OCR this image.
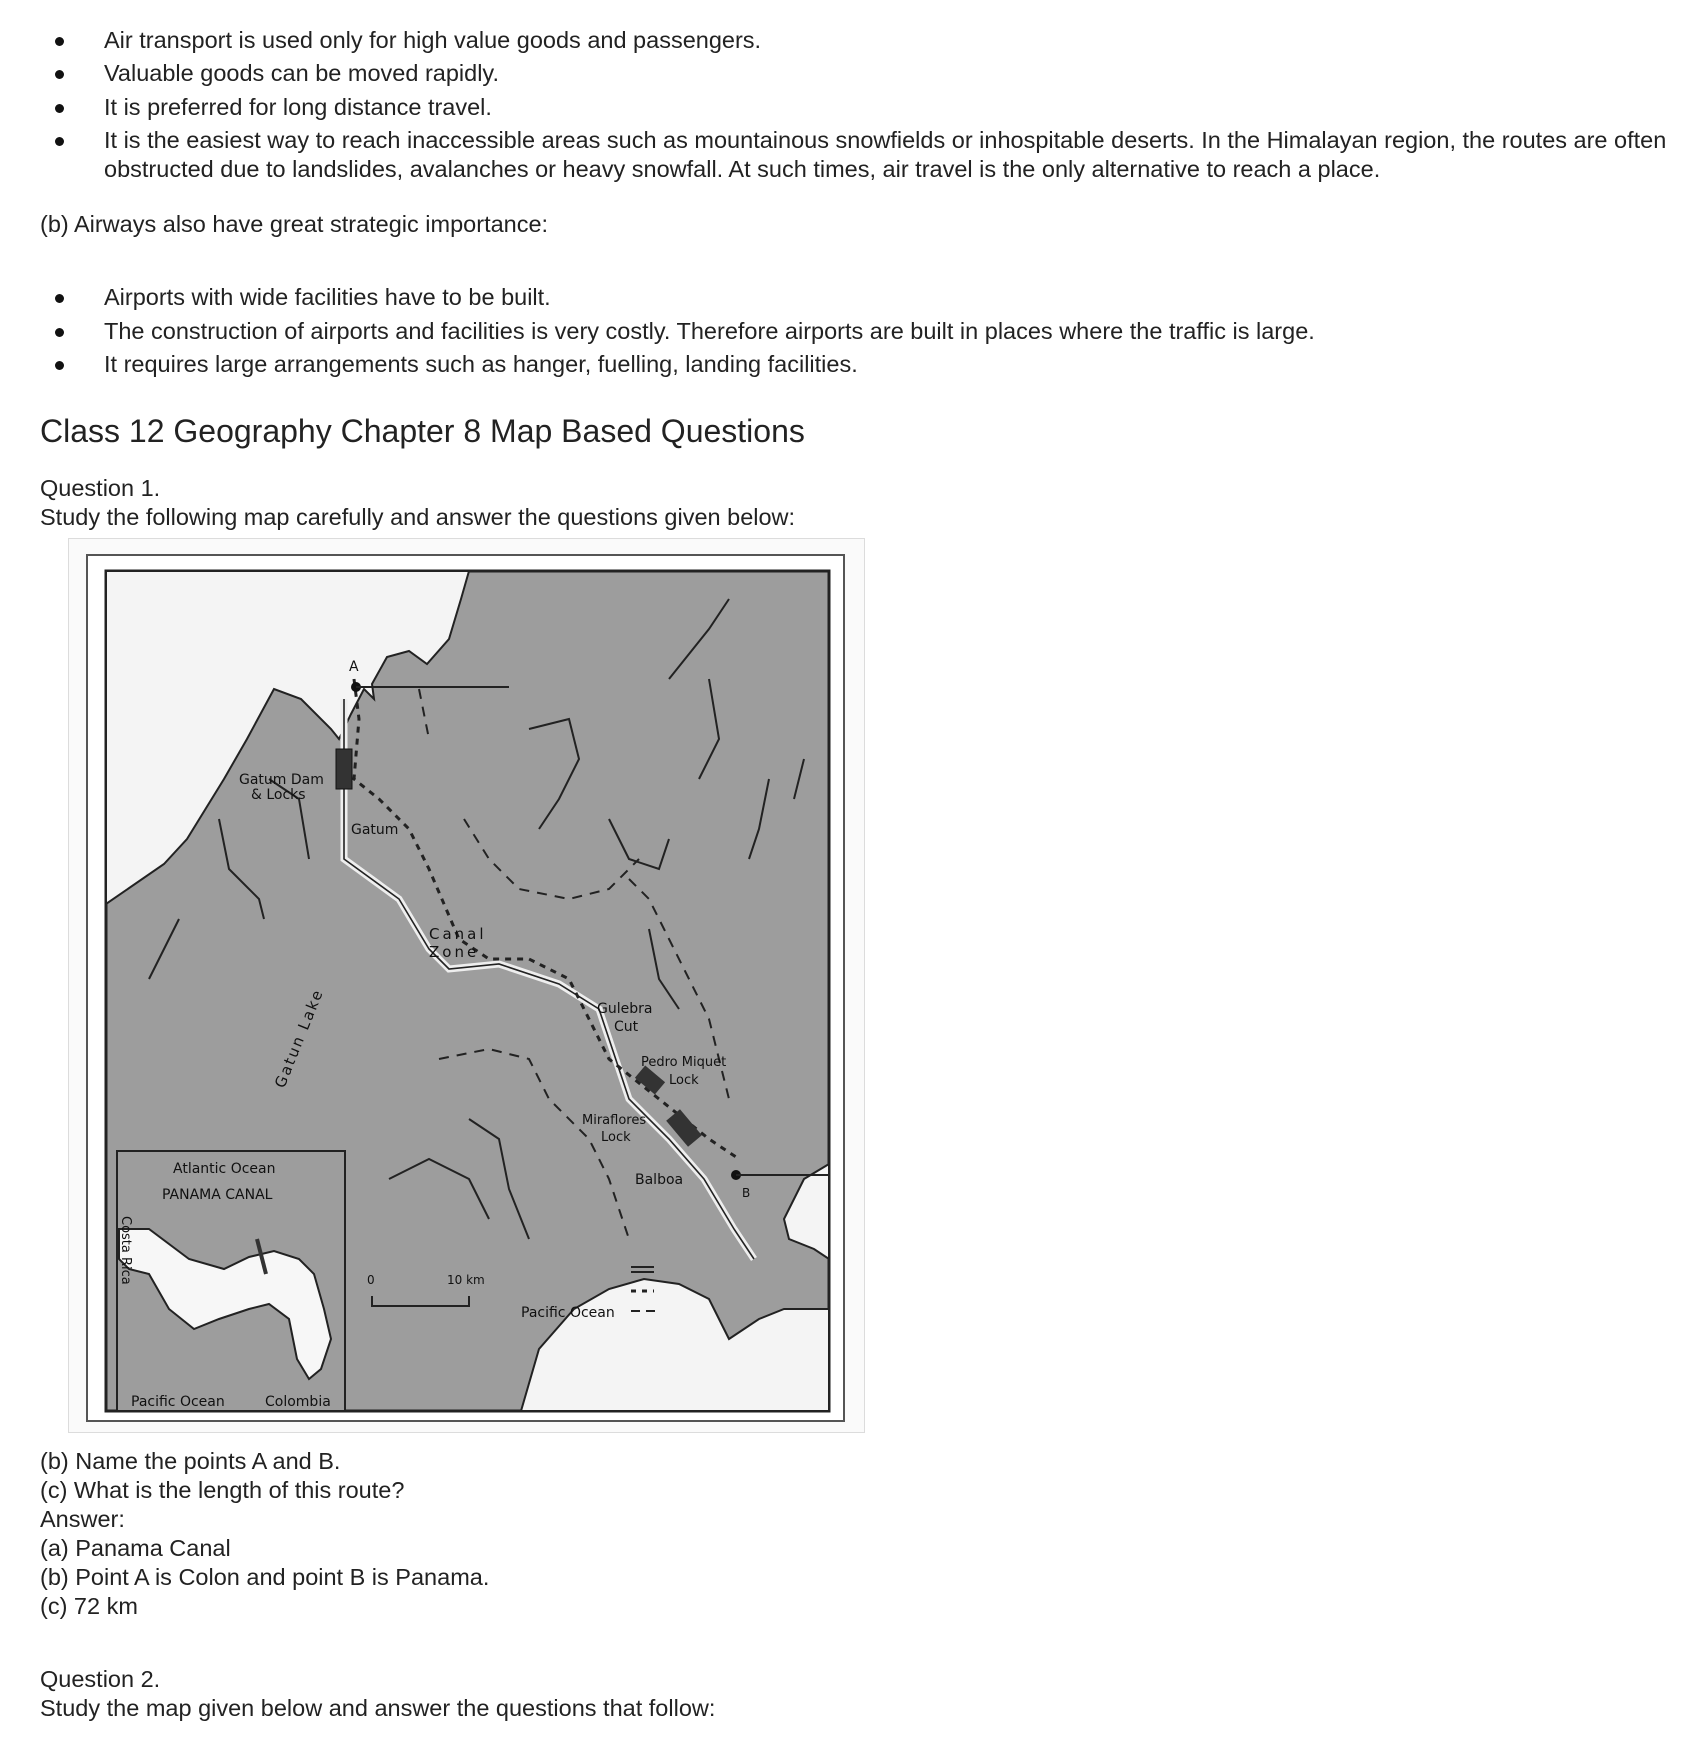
Air transport is used only for high value goods and passengers.
Valuable goods can be moved rapidly.
It is preferred for long distance travel.
It is the easiest way to reach inaccessible areas such as mountainous snowfields or inhospitable deserts. In the Himalayan region, the routes are often obstructed due to landslides, avalanches or heavy snowfall. At such times, air travel is the only alternative to reach a place.

(b) Airways also have great strategic importance:

Airports with wide facilities have to be built.
The construction of airports and facilities is very costly. Therefore airports are built in places where the traffic is large.
It requires large arrangements such as hanger, fuelling, landing facilities.
Class 12 Geography Chapter 8 Map Based Questions

Question 1.

Study the following map carefully and answer the questions given below:

A
B
Gatum Dam
& Locks
Gatum
Canal
Zone
Gatun Lake	Gulebra
Cut
Pedro Miquet
Lock
Miraflores
Lock
Balboa
Pacific Ocean
0	10 km
Atlantic Ocean
PANAMA CANAL
Costa Rica
Pacific Ocean	Colombia

(b) Name the points A and B.

(c) What is the length of this route?

Answer:

(a) Panama Canal

(b) Point A is Colon and point B is Panama.

(c) 72 km

Question 2.

Study the map given below and answer the questions that follow:
